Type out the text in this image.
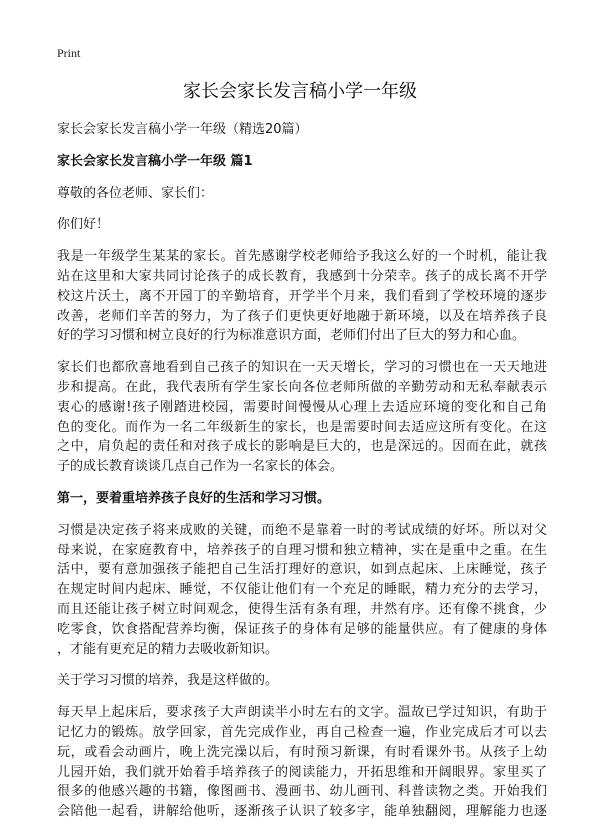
Print
家长会家长发言稿小学一年级

家长会家长发言稿小学一年级（精选20篇）

家长会家长发言稿小学一年级 篇1

尊敬的各位老师、家长们：

你们好！

我是一年级学生某某的家长。首先感谢学校老师给予我这么好的一个时机，能让我

站在这里和大家共同讨论孩子的成长教育，我感到十分荣幸。孩子的成长离不开学

校这片沃土，离不开园丁的辛勤培育，开学半个月来，我们看到了学校环境的逐步

改善，老师们辛苦的努力，为了孩子们更快更好地融于新环境，以及在培养孩子良

好的学习习惯和树立良好的行为标准意识方面，老师们付出了巨大的努力和心血。

家长们也都欣喜地看到自己孩子的知识在一天天增长，学习的习惯也在一天天地进

步和提高。在此，我代表所有学生家长向各位老师所做的辛勤劳动和无私奉献表示

衷心的感谢!孩子刚踏进校园，需要时间慢慢从心理上去适应环境的变化和自己角

色的变化。而作为一名二年级新生的家长，也是需要时间去适应这所有变化。在这

之中，肩负起的责任和对孩子成长的影响是巨大的，也是深远的。因而在此，就孩

子的成长教育谈谈几点自己作为一名家长的体会。

第一，要着重培养孩子良好的生活和学习习惯。

习惯是决定孩子将来成败的关键，而绝不是靠着一时的考试成绩的好坏。所以对父

母来说，在家庭教育中，培养孩子的自理习惯和独立精神，实在是重中之重。在生

活中，要有意加强孩子能把自己生活打理好的意识，如到点起床、上床睡觉，孩子

在规定时间内起床、睡觉，不仅能让他们有一个充足的睡眠，精力充分的去学习，

而且还能让孩子树立时间观念，使得生活有条有理，井然有序。还有像不挑食，少

吃零食，饮食搭配营养均衡，保证孩子的身体有足够的能量供应。有了健康的身体

，才能有更充足的精力去吸收新知识。

关于学习习惯的培养，我是这样做的。

每天早上起床后，要求孩子大声朗读半小时左右的文字。温故已学过知识，有助于

记忆力的锻炼。放学回家，首先完成作业，再自己检查一遍，作业完成后才可以去

玩，或看会动画片，晚上洗完澡以后，有时预习新课，有时看课外书。从孩子上幼

儿园开始，我们就开始着手培养孩子的阅读能力，开拓思维和开阔眼界。家里买了

很多的他感兴趣的书籍，像图画书、漫画书、幼儿画刊、科普读物之类。开始我们

会陪他一起看，讲解给他听，逐渐孩子认识了较多字，能单独翻阅，理解能力也逐
